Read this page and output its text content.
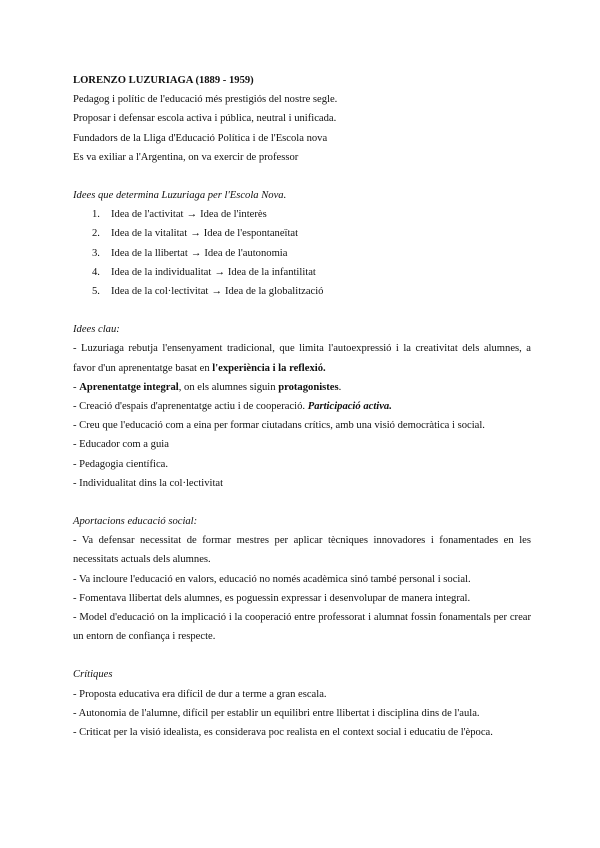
LORENZO LUZURIAGA (1889 - 1959)

Pedagog i polític de l'educació més prestigiós del nostre segle.

Proposar i defensar escola activa i pública, neutral i unificada.

Fundadors de la Lliga d'Educació Política i de l'Escola nova

Es va exiliar a l'Argentina, on va exercir de professor

Idees que determina Luzuriaga per l'Escola Nova.

1.	Idea de l'activitat → Idea de l'interès
2.	Idea de la vitalitat → Idea de l'espontaneïtat
3.	Idea de la llibertat → Idea de l'autonomia
4.	Idea de la individualitat → Idea de la infantilitat
5.	Idea de la col·lectivitat → Idea de la globalització

Idees clau:

- Luzuriaga rebutja l'ensenyament tradicional, que limita l'autoexpressió i la creativitat dels alumnes, a favor d'un aprenentatge basat en l'experiència i la reflexió.

- Aprenentatge integral, on els alumnes siguin protagonistes.

- Creació d'espais d'aprenentatge actiu i de cooperació. Participació activa.

- Creu que l'educació com a eina per formar ciutadans crítics, amb una visió democràtica i social.

- Educador com a guia

- Pedagogia científica.

- Individualitat dins la col·lectivitat

Aportacions educació social:

- Va defensar necessitat de formar mestres per aplicar tècniques innovadores i fonamentades en les necessitats actuals dels alumnes.

- Va incloure l'educació en valors, educació no només acadèmica sinó també personal i social.

- Fomentava llibertat dels alumnes, es poguessin expressar i desenvolupar de manera integral.

- Model d'educació on la implicació i la cooperació entre professorat i alumnat fossin fonamentals per crear un entorn de confiança i respecte.

Crítiques

- Proposta educativa era difícil de dur a terme a gran escala.

- Autonomia de l'alumne, difícil per establir un equilibri entre llibertat i disciplina dins de l'aula.

- Criticat per la visió idealista, es considerava poc realista en el context social i educatiu de l'època.
